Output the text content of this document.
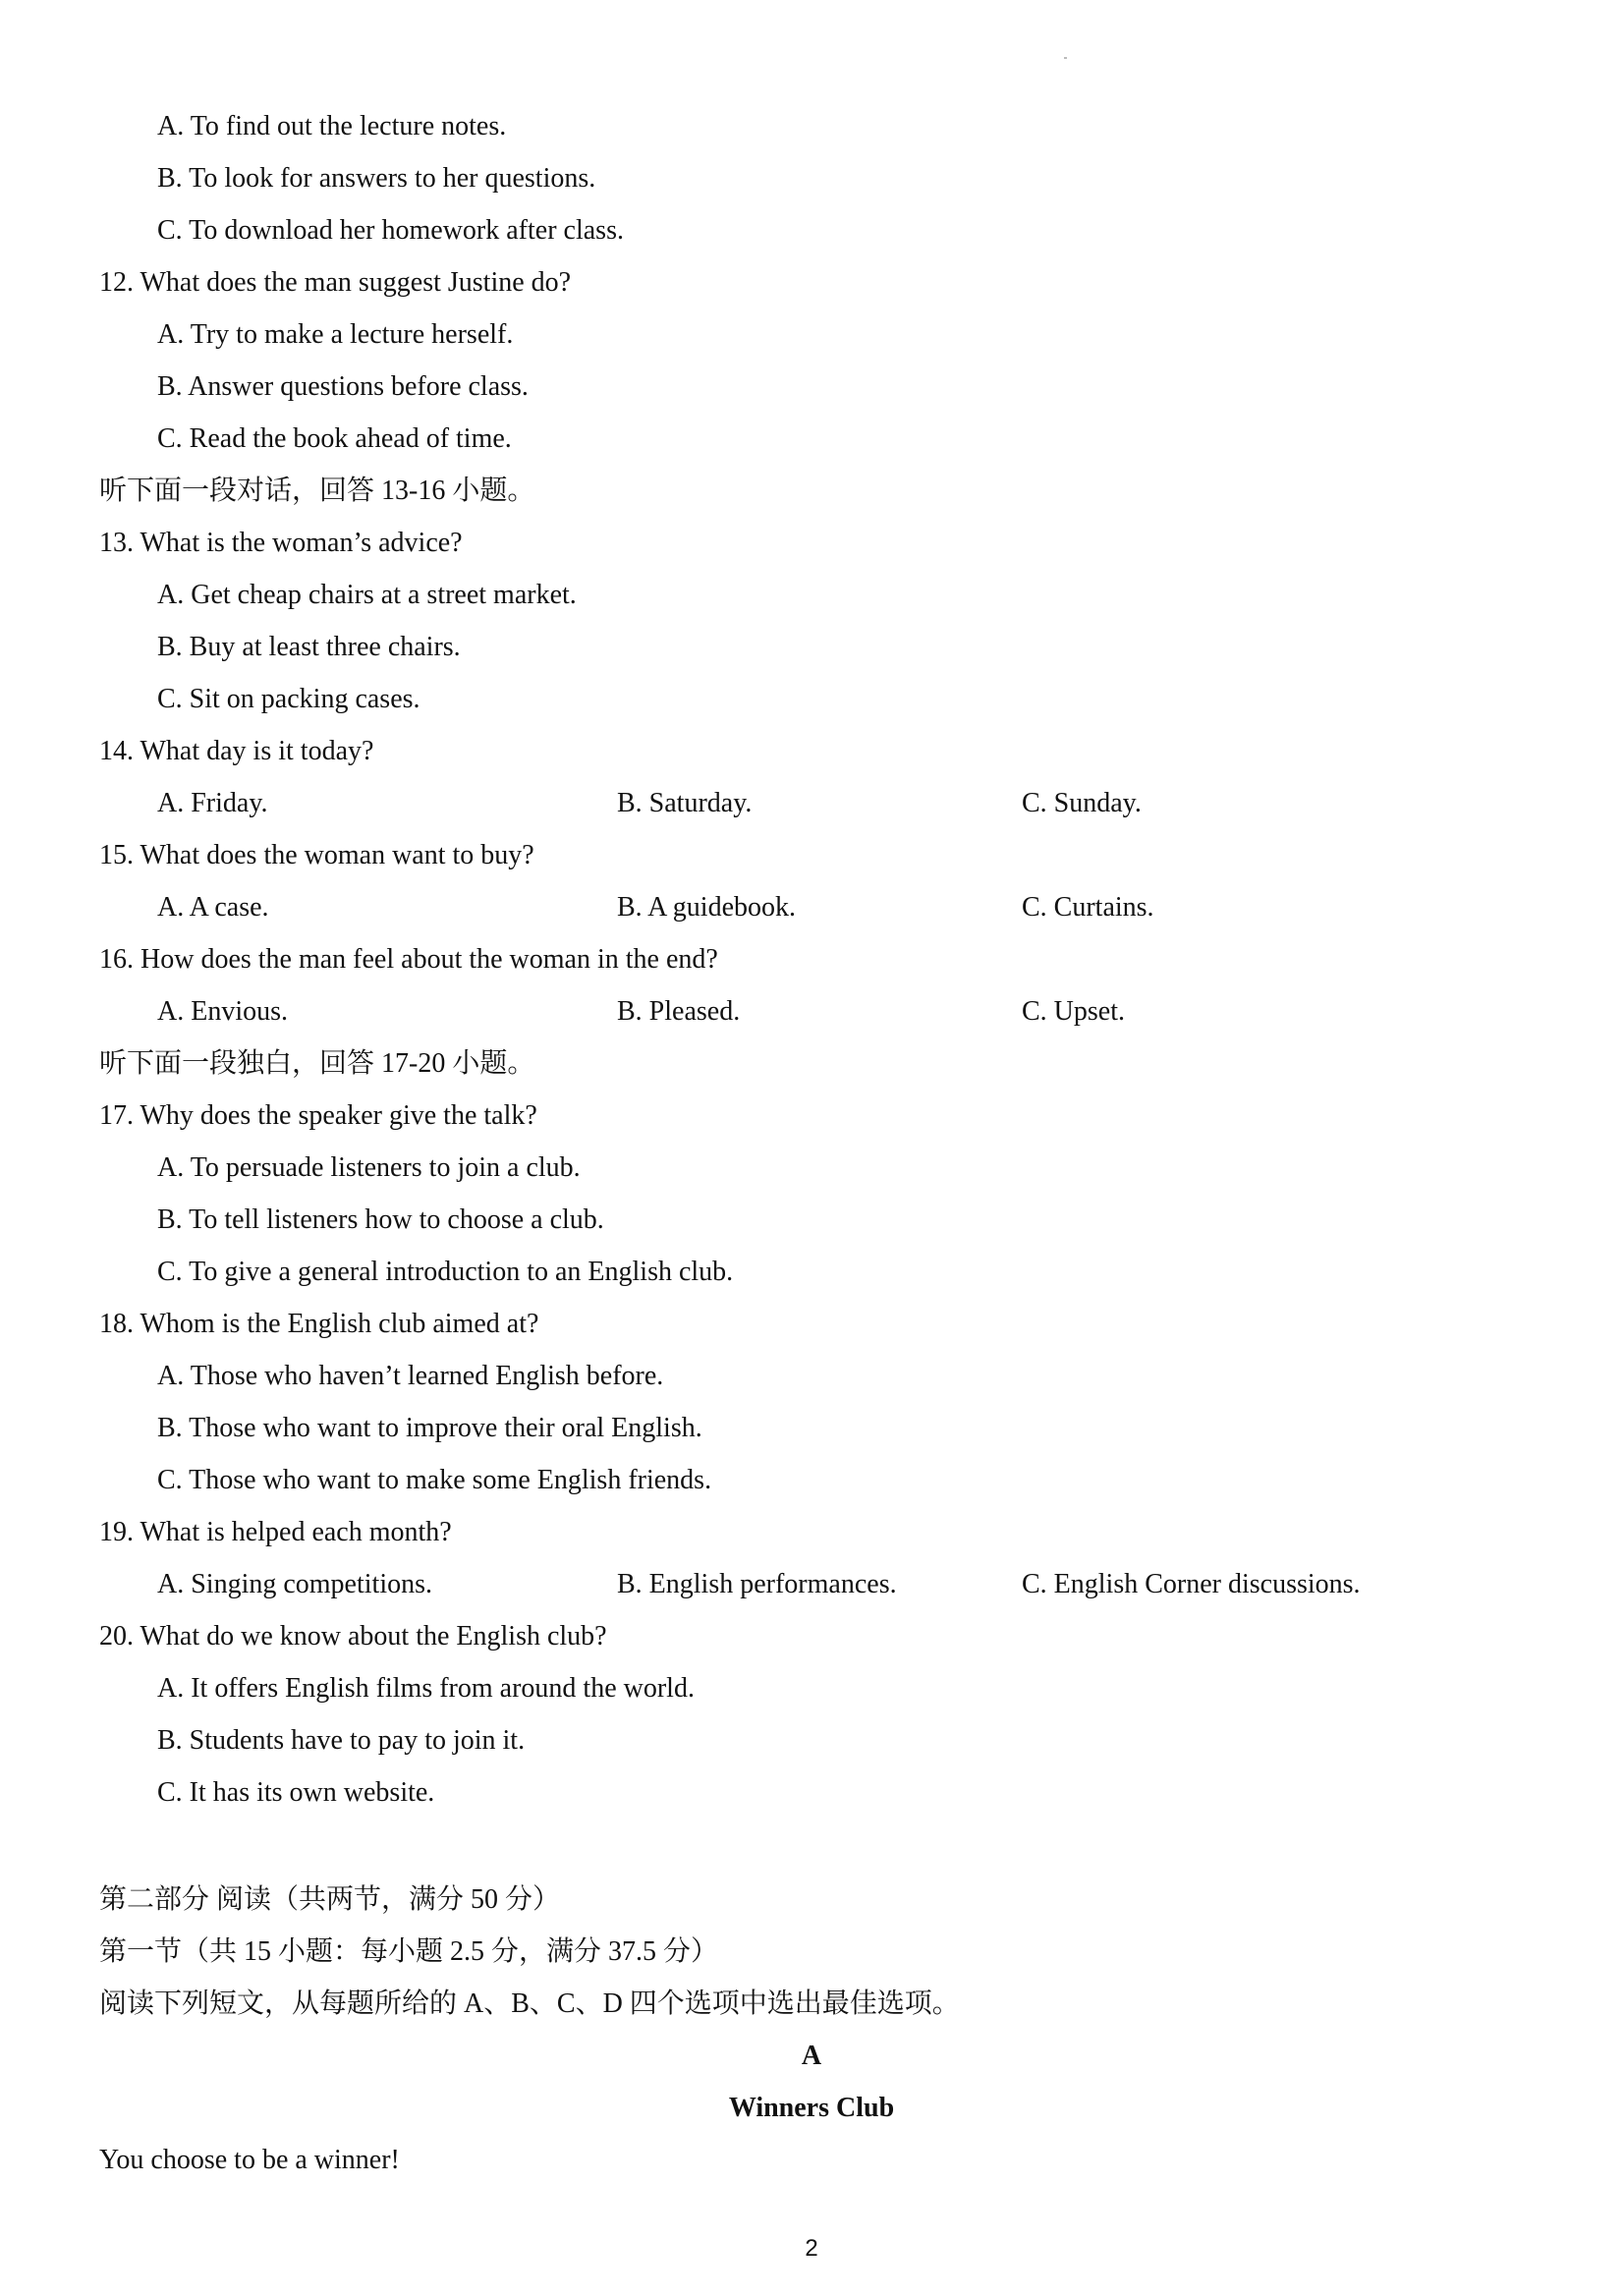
A. To find out the lecture notes.
B. To look for answers to her questions.
C. To download her homework after class.
12. What does the man suggest Justine do?
A. Try to make a lecture herself.
B. Answer questions before class.
C. Read the book ahead of time.
听下面一段对话，回答 13-16 小题。
13. What is the woman’s advice?
A. Get cheap chairs at a street market.
B. Buy at least three chairs.
C. Sit on packing cases.
14. What day is it today?
A. Friday.	B. Saturday.	C. Sunday.
15. What does the woman want to buy?
A. A case.	B. A guidebook.	C. Curtains.
16. How does the man feel about the woman in the end?
A. Envious.	B. Pleased.	C. Upset.
听下面一段独白，回答 17-20 小题。
17. Why does the speaker give the talk?
A. To persuade listeners to join a club.
B. To tell listeners how to choose a club.
C. To give a general introduction to an English club.
18. Whom is the English club aimed at?
A. Those who haven’t learned English before.
B. Those who want to improve their oral English.
C. Those who want to make some English friends.
19. What is helped each month?
A. Singing competitions.	B. English performances.	C. English Corner discussions.
20. What do we know about the English club?
A. It offers English films from around the world.
B. Students have to pay to join it.
C. It has its own website.
第二部分 阅读（共两节，满分 50 分）
第一节（共 15 小题：每小题 2.5 分，满分 37.5 分）
阅读下列短文，从每题所给的 A、B、C、D 四个选项中选出最佳选项。
A
Winners Club
You choose to be a winner!
2
